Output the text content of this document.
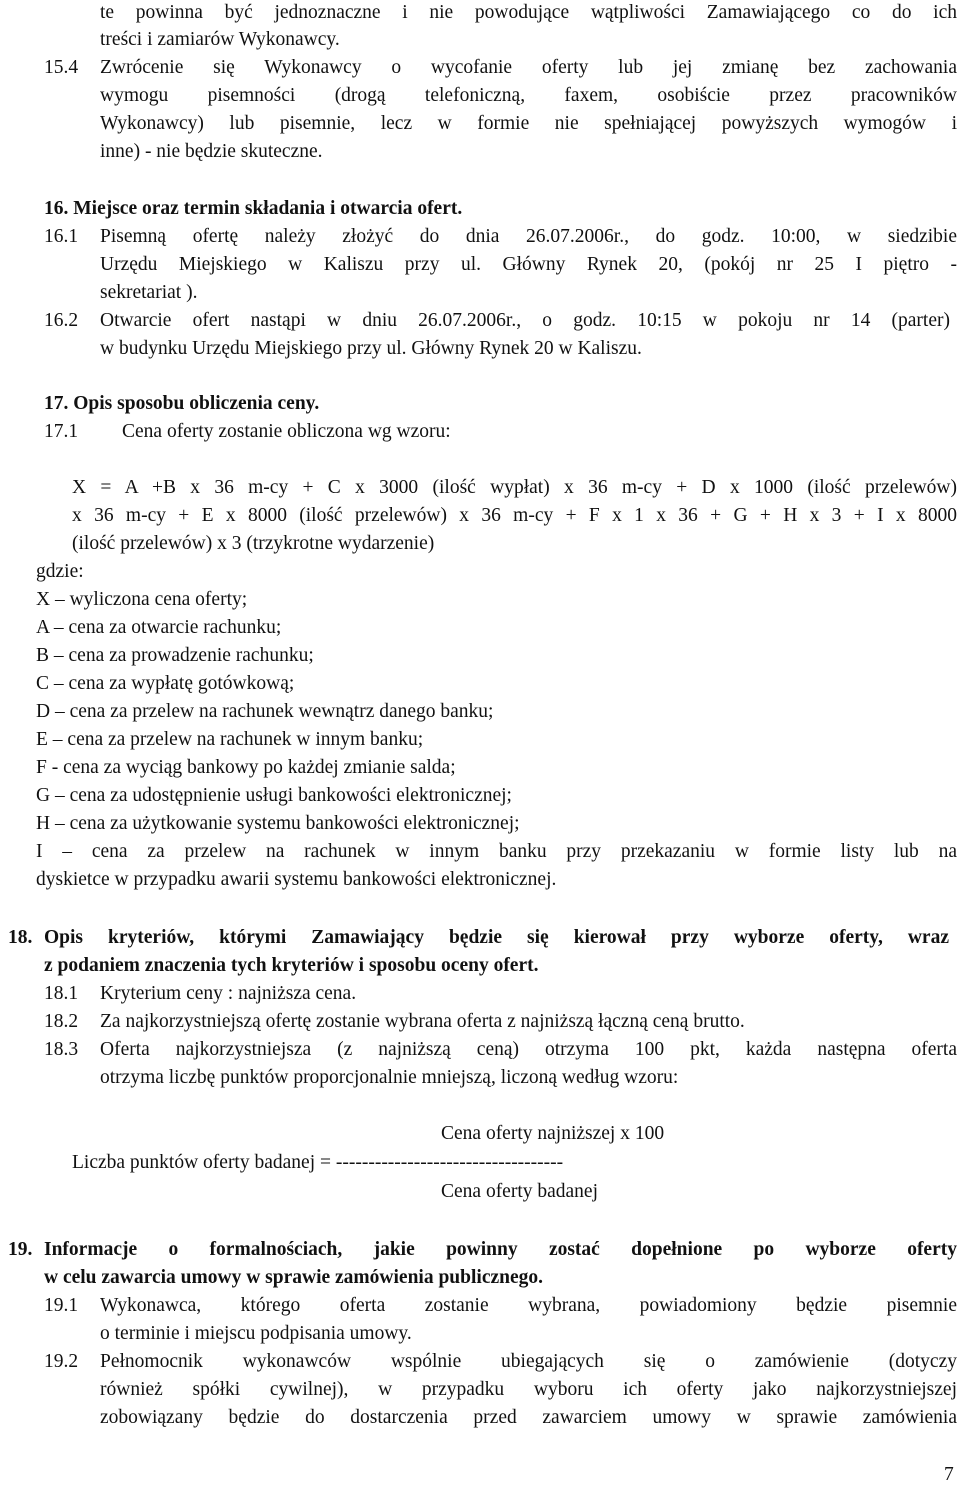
te powinna być jednoznaczne i nie powodujące wątpliwości Zamawiającego co do ich
treści i zamiarów Wykonawcy.
15.4 Zwrócenie się Wykonawcy o wycofanie oferty lub jej zmianę bez zachowania
wymogu pisemności (drogą telefoniczną, faxem, osobiście przez pracowników
Wykonawcy) lub pisemnie, lecz w formie nie spełniającej powyższych wymogów i
inne) - nie będzie skuteczne.
16. Miejsce oraz termin składania i otwarcia ofert.
16.1 Pisemną ofertę należy złożyć do dnia 26.07.2006r., do godz. 10:00, w siedzibie
Urzędu Miejskiego w Kaliszu przy ul. Główny Rynek 20, (pokój nr 25 I piętro -
sekretariat ).
16.2 Otwarcie ofert nastąpi w dniu 26.07.2006r., o godz. 10:15 w pokoju nr 14 (parter)
w budynku Urzędu Miejskiego przy ul. Główny Rynek 20 w Kaliszu.
17. Opis sposobu obliczenia ceny.
17.1 Cena oferty zostanie obliczona wg wzoru:
X = A +B x 36 m-cy + C x 3000 (ilość wypłat) x 36 m-cy + D x 1000 (ilość przelewów)
x 36 m-cy + E x 8000 (ilość przelewów) x 36 m-cy + F x 1 x 36 + G + H x 3 + I x 8000
(ilość przelewów) x 3 (trzykrotne wydarzenie)
gdzie:
X – wyliczona cena oferty;
A – cena za otwarcie rachunku;
B – cena za prowadzenie rachunku;
C – cena za wypłatę gotówkową;
D – cena za przelew na rachunek wewnątrz danego banku;
E – cena za przelew na rachunek w innym banku;
F - cena za wyciąg bankowy po każdej zmianie salda;
G – cena za udostępnienie usługi bankowości elektronicznej;
H – cena za użytkowanie systemu bankowości elektronicznej;
I – cena za przelew na rachunek w innym banku przy przekazaniu w formie listy lub na
dyskietce w przypadku awarii systemu bankowości elektronicznej.
18. Opis kryteriów, którymi Zamawiający będzie się kierował przy wyborze oferty, wraz
z podaniem znaczenia tych kryteriów i sposobu oceny ofert.
18.1 Kryterium ceny : najniższa cena.
18.2 Za najkorzystniejszą ofertę zostanie wybrana oferta z najniższą łączną ceną brutto.
18.3 Oferta najkorzystniejsza (z najniższą ceną) otrzyma 100 pkt, każda następna oferta
otrzyma liczbę punktów proporcjonalnie mniejszą, liczoną według wzoru:
Cena oferty najniższej x 100
Liczba punktów oferty badanej = -----------------------------------
Cena oferty badanej
19. Informacje o formalnościach, jakie powinny zostać dopełnione po wyborze oferty
w celu zawarcia umowy w sprawie zamówienia publicznego.
19.1 Wykonawca, którego oferta zostanie wybrana, powiadomiony będzie pisemnie
o terminie i miejscu podpisania umowy.
19.2 Pełnomocnik wykonawców wspólnie ubiegających się o zamówienie (dotyczy
również spółki cywilnej), w przypadku wyboru ich oferty jako najkorzystniejszej
zobowiązany będzie do dostarczenia przed zawarciem umowy w sprawie zamówienia
7
